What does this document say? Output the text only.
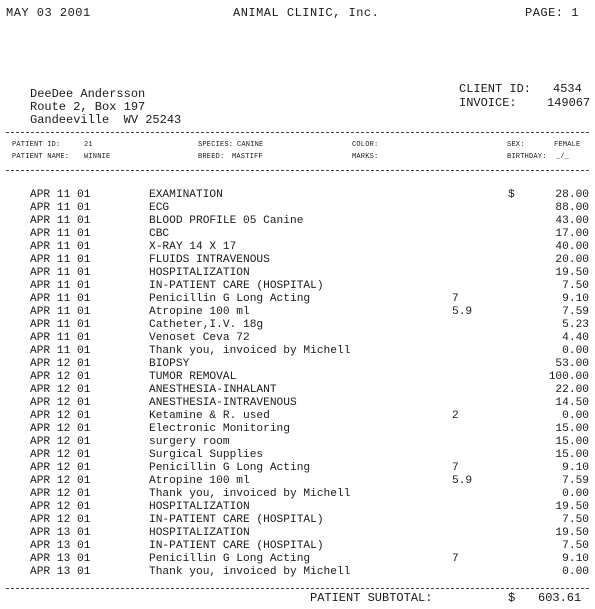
MAY 03 2001	ANIMAL CLINIC, Inc.	PAGE: 1
DeeDee Andersson
Route 2, Box 197
Gandeeville  WV 25243
CLIENT ID: 4534
INVOICE:	149067
PATIENT ID:	21
PATIENT NAME: WINNIE
SPECIES: CANINE
BREED: MASTIFF
COLOR:
MARKS:
SEX:	FEMALE
BIRTHDAY: _/_
APR 11 01	EXAMINATION	$	28.00
APR 11 01	ECG	88.00
APR 11 01	BLOOD PROFILE 05 Canine	43.00
APR 11 01	CBC	17.00
APR 11 01	X-RAY 14 X 17	40.00
APR 11 01	FLUIDS INTRAVENOUS	20.00
APR 11 01	HOSPITALIZATION	19.50
APR 11 01	IN-PATIENT CARE (HOSPITAL)	7.50
APR 11 01	Penicillin G Long Acting	7	9.10
APR 11 01	Atropine 100 ml	5.9	7.59
APR 11 01	Catheter,I.V. 18g	5.23
APR 11 01	Venoset Ceva 72	4.40
APR 11 01	Thank you, invoiced by Michell	0.00
APR 12 01	BIOPSY	53.00
APR 12 01	TUMOR REMOVAL	100.00
APR 12 01	ANESTHESIA-INHALANT	22.00
APR 12 01	ANESTHESIA-INTRAVENOUS	14.50
APR 12 01	Ketamine & R. used	2	0.00
APR 12 01	Electronic Monitoring	15.00
APR 12 01	surgery room	15.00
APR 12 01	Surgical Supplies	15.00
APR 12 01	Penicillin G Long Acting	7	9.10
APR 12 01	Atropine 100 ml	5.9	7.59
APR 12 01	Thank you, invoiced by Michell	0.00
APR 12 01	HOSPITALIZATION	19.50
APR 12 01	IN-PATIENT CARE (HOSPITAL)	7.50
APR 13 01	HOSPITALIZATION	19.50
APR 13 01	IN-PATIENT CARE (HOSPITAL)	7.50
APR 13 01	Penicillin G Long Acting	7	9.10
APR 13 01	Thank you, invoiced by Michell	0.00
PATIENT SUBTOTAL:	$ 603.61
